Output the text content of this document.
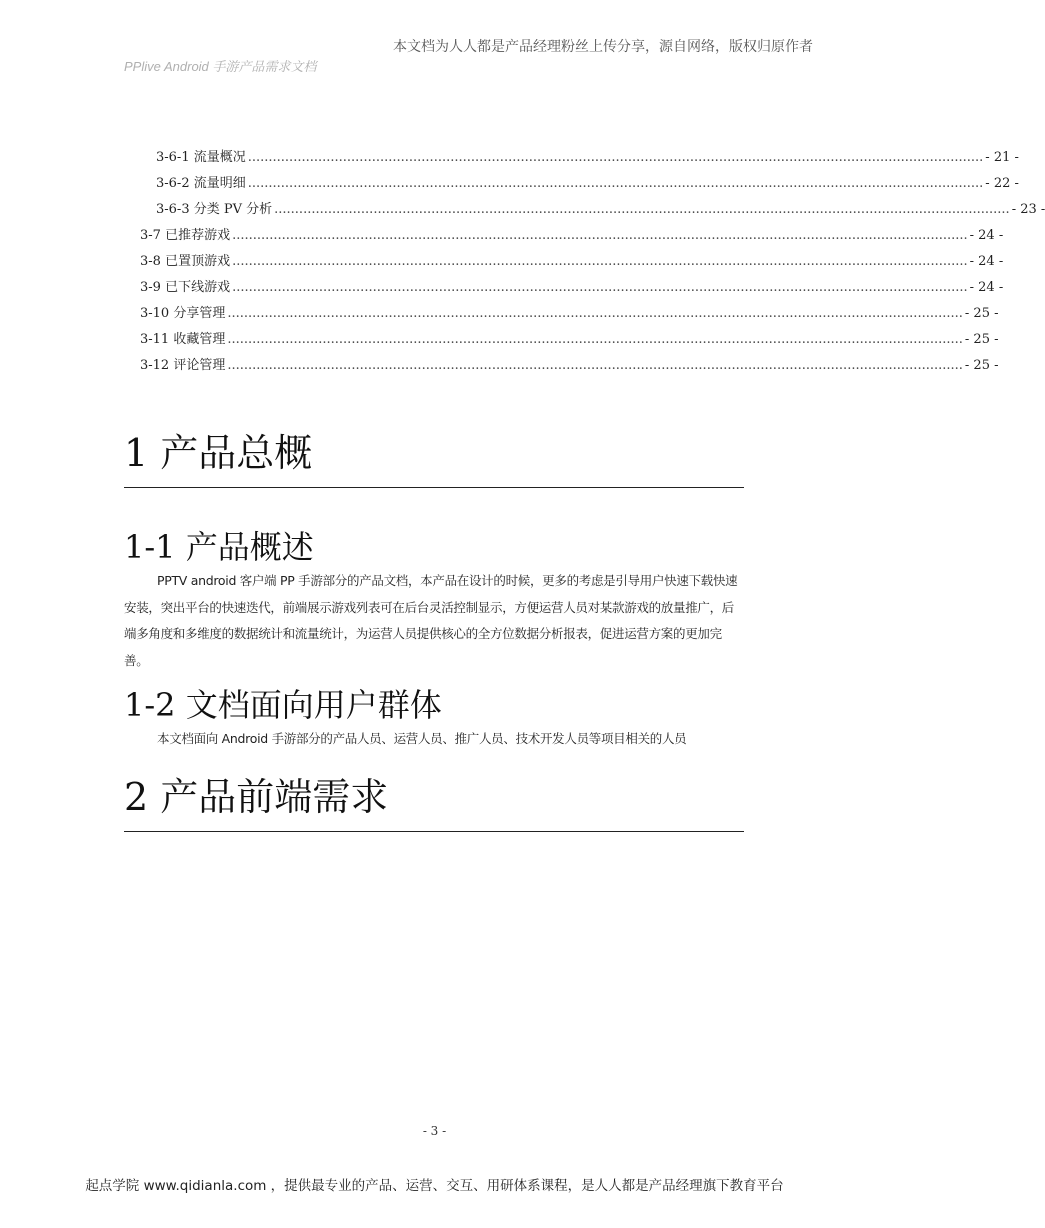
本文档为人人都是产品经理粉丝上传分享，源自网络，版权归原作者
PPlive Android 手游产品需求文档
3-6-1 流量概况 .................................................................................................................................................................................. - 21 -
3-6-2 流量明细 .................................................................................................................................................................................. - 22 -
3-6-3 分类 PV 分析 .................................................................................................................................................................................. - 23 -
3-7 已推荐游戏 .................................................................................................................................................................................. - 24 -
3-8 已置顶游戏 .................................................................................................................................................................................. - 24 -
3-9 已下线游戏 .................................................................................................................................................................................. - 24 -
3-10 分享管理 .................................................................................................................................................................................. - 25 -
3-11 收藏管理 .................................................................................................................................................................................. - 25 -
3-12 评论管理 .................................................................................................................................................................................. - 25 -
1 产品总概
1-1 产品概述

PPTV android 客户端 PP 手游部分的产品文档，本产品在设计的时候，更多的考虑是引导用户快速下载快速安装，突出平台的快速迭代，前端展示游戏列表可在后台灵活控制显示，方便运营人员对某款游戏的放量推广，后端多角度和多维度的数据统计和流量统计，为运营人员提供核心的全方位数据分析报表，促进运营方案的更加完善。

1-2 文档面向用户群体

本文档面向 Android 手游部分的产品人员、运营人员、推广人员、技术开发人员等项目相关的人员

2 产品前端需求
- 3 -
起点学院 www.qidianla.com ，提供最专业的产品、运营、交互、用研体系课程，是人人都是产品经理旗下教育平台
